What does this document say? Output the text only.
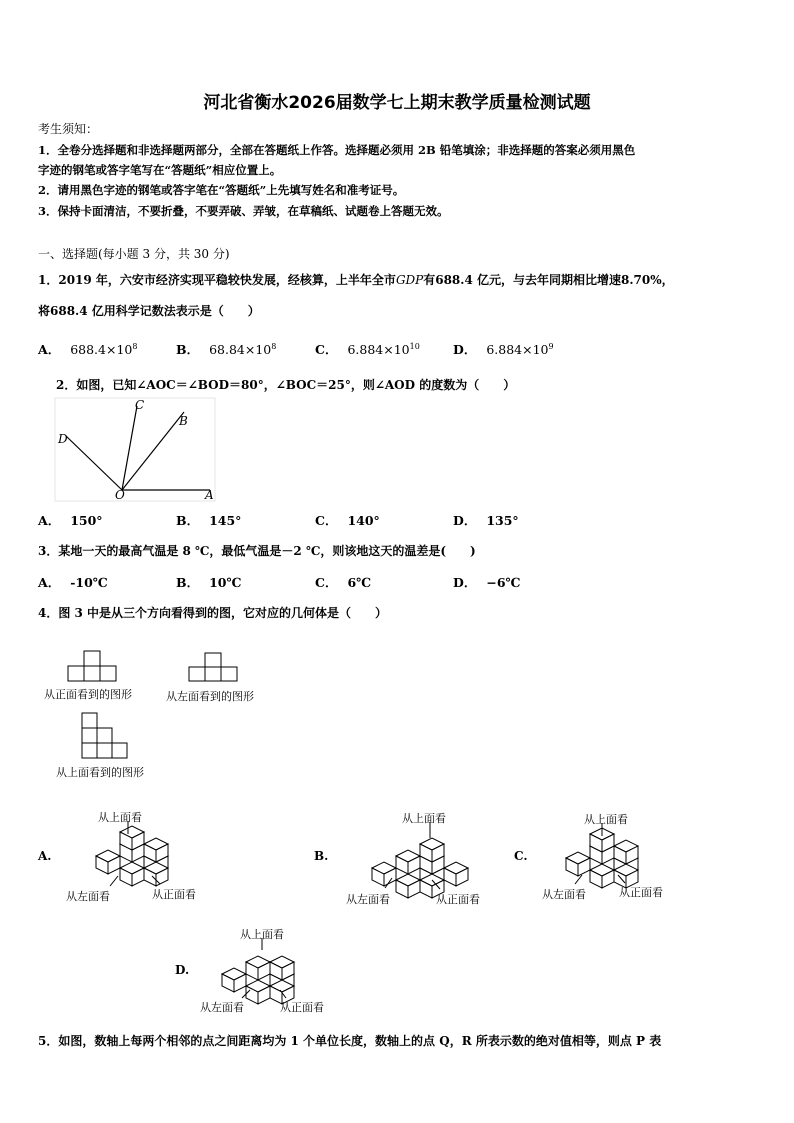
河北省衡水2026届数学七上期末教学质量检测试题
考生须知：
1．全卷分选择题和非选择题两部分，全部在答题纸上作答。选择题必须用 2B 铅笔填涂；非选择题的答案必须用黑色
字迹的钢笔或答字笔写在“答题纸”相应位置上。
2．请用黑色字迹的钢笔或答字笔在“答题纸”上先填写姓名和准考证号。
3．保持卡面清洁，不要折叠，不要弄破、弄皱，在草稿纸、试题卷上答题无效。
一、选择题(每小题 3 分，共 30 分)
1．2019 年，六安市经济实现平稳较快发展，经核算，上半年全市GDP有688.4 亿元，与去年同期相比增速8.70%，
将688.4 亿用科学记数法表示是（　　）
A． $688.4\times 10^8$	B． $68.84\times 10^8$	C． $6.884\times 10^{10}$	D． $6.884\times 10^9$
2．如图，已知∠AOC＝∠BOD＝80°，∠BOC＝25°，则∠AOD 的度数为（　　）
C
B
D
O	A
A． 150°	B． 145°	C． 140°	D． 135°
3．某地一天的最高气温是 8 ℃，最低气温是－2 ℃，则该地这天的温差是(　　)
A． -10℃	B． 10℃	C． 6℃	D． −6℃
4．图 3 中是从三个方向看得到的图，它对应的几何体是（　　）
从正面看到的图形	从左面看到的图形
从上面看到的图形
A.
从上面看
从左面看	从正面看
B.
从上面看
从左面看	从正面看
C.
从上面看
从左面看	从正面看
D.
从上面看
从左面看	从正面看
5．如图，数轴上每两个相邻的点之间距离均为 1 个单位长度，数轴上的点 Q，R 所表示数的绝对值相等，则点 P 表
